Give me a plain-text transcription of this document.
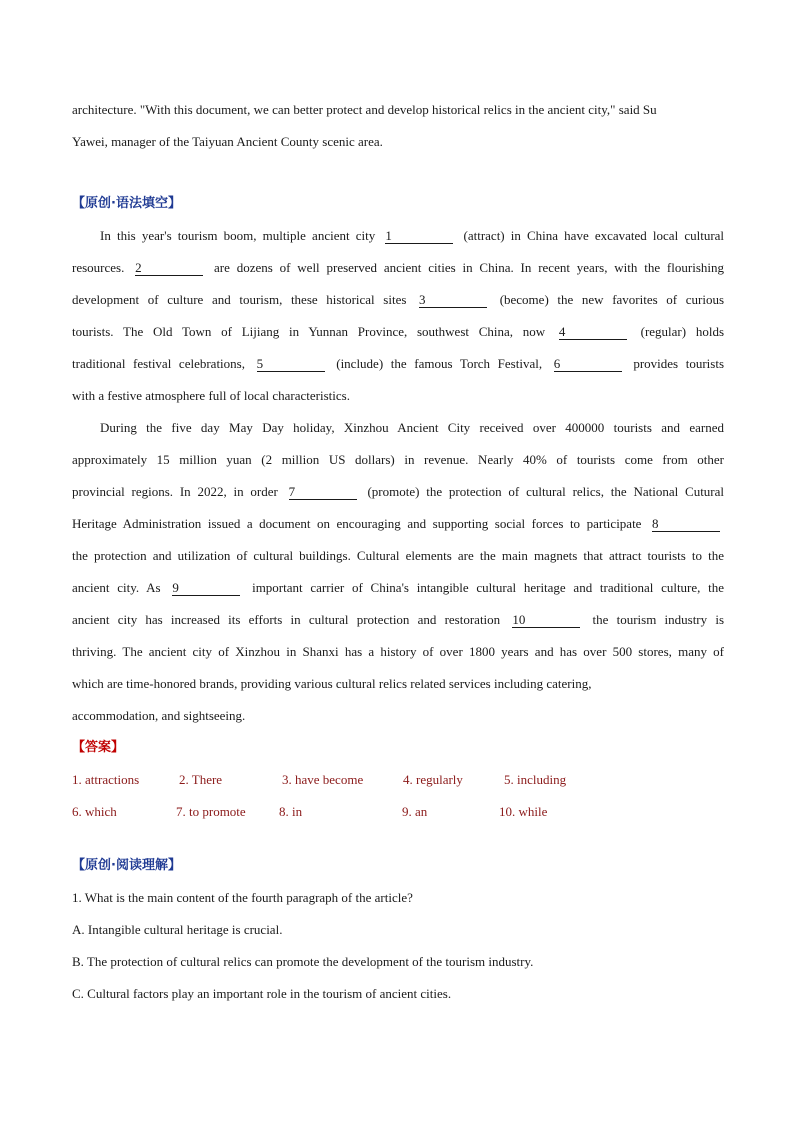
architecture. "With this document, we can better protect and develop historical relics in the ancient city," said Su
Yawei, manager of the Taiyuan Ancient County scenic area.
【原创·语法填空】
In this year's tourism boom, multiple ancient city 1	(attract) in China have excavated local cultural
resources. 2	are dozens of well preserved ancient cities in China. In recent years, with the flourishing
development of culture and tourism, these historical sites 3	(become) the new favorites of curious
tourists. The Old Town of Lijiang in Yunnan Province, southwest China, now 4	(regular) holds
traditional festival celebrations, 5	(include) the famous Torch Festival, 6	provides tourists
with a festive atmosphere full of local characteristics.
During the five day May Day holiday, Xinzhou Ancient City received over 400000 tourists and earned
approximately 15 million yuan (2 million US dollars) in revenue. Nearly 40% of tourists come from other
provincial regions. In 2022, in order 7	(promote) the protection of cultural relics, the National Cutural
Heritage Administration issued a document on encouraging and supporting social forces to participate 8
the protection and utilization of cultural buildings. Cultural elements are the main magnets that attract tourists to the
ancient city. As 9	important carrier of China's intangible cultural heritage and traditional culture, the
ancient city has increased its efforts in cultural protection and restoration 10	the tourism industry is
thriving. The ancient city of Xinzhou in Shanxi has a history of over 1800 years and has over 500 stores, many of
which are time-honored brands, providing various cultural relics related services including catering,
accommodation, and sightseeing.
【答案】
1. attractions	2. There	3. have become	4. regularly	5. including
6. which	7. to promote	8. in	9. an	10. while
【原创·阅读理解】
1. What is the main content of the fourth paragraph of the article?
A. Intangible cultural heritage is crucial.
B. The protection of cultural relics can promote the development of the tourism industry.
C. Cultural factors play an important role in the tourism of ancient cities.
